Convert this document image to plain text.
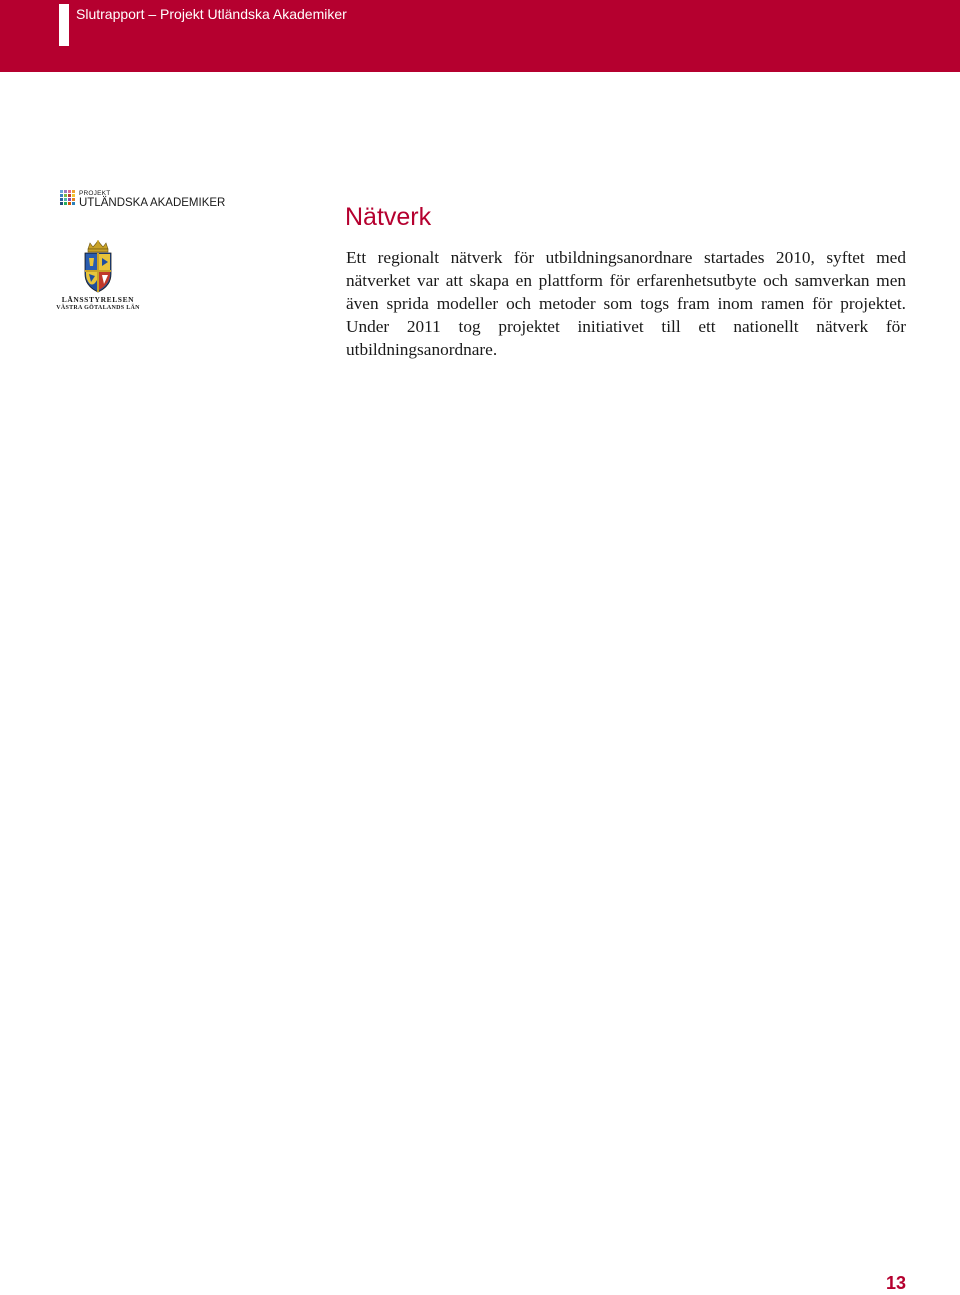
Slutrapport – Projekt Utländska Akademiker
PROJEKT
UTLÄNDSKA AKADEMIKER
LÄNSSTYRELSEN
VÄSTRA GÖTALANDS LÄN
Nätverk

Ett regionalt nätverk för utbildningsanordnare startades 2010, syftet med nätverket var att skapa en plattform för erfarenhetsutbyte och samverkan men även sprida modeller och metoder som togs fram inom ramen för projektet. Under 2011 tog projektet initiativet till ett nationellt nätverk för utbildningsanordnare.

13
